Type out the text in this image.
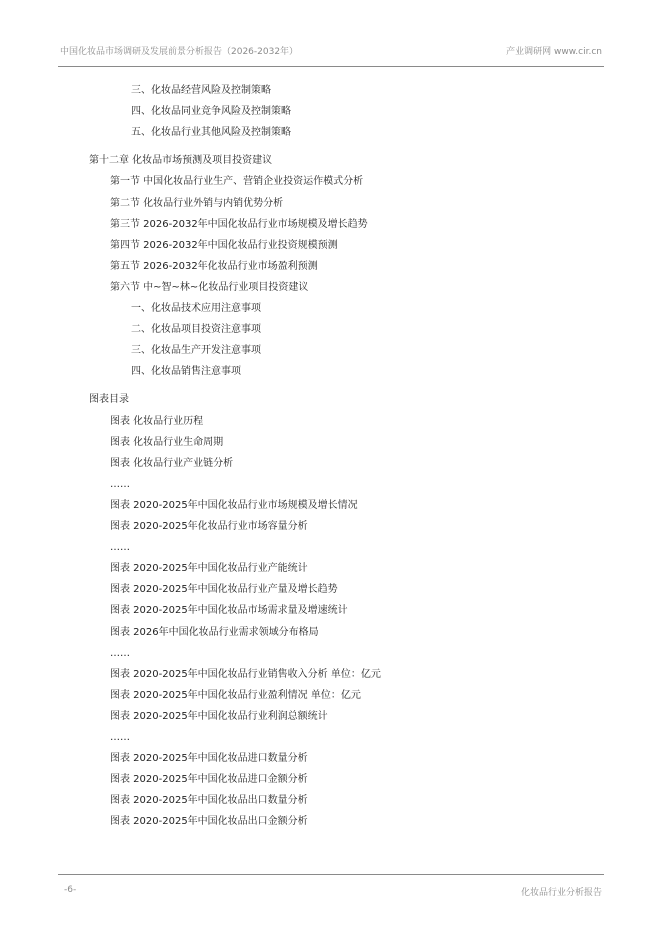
中国化妆品市场调研及发展前景分析报告（2026-2032年）	产业调研网 www.cir.cn
三、化妆品经营风险及控制策略
四、化妆品同业竞争风险及控制策略
五、化妆品行业其他风险及控制策略
第十二章 化妆品市场预测及项目投资建议
第一节 中国化妆品行业生产、营销企业投资运作模式分析
第二节 化妆品行业外销与内销优势分析
第三节 2026-2032年中国化妆品行业市场规模及增长趋势
第四节 2026-2032年中国化妆品行业投资规模预测
第五节 2026-2032年化妆品行业市场盈利预测
第六节 中~智~林~化妆品行业项目投资建议
一、化妆品技术应用注意事项
二、化妆品项目投资注意事项
三、化妆品生产开发注意事项
四、化妆品销售注意事项
图表目录
图表 化妆品行业历程
图表 化妆品行业生命周期
图表 化妆品行业产业链分析
……
图表 2020-2025年中国化妆品行业市场规模及增长情况
图表 2020-2025年化妆品行业市场容量分析
……
图表 2020-2025年中国化妆品行业产能统计
图表 2020-2025年中国化妆品行业产量及增长趋势
图表 2020-2025年中国化妆品市场需求量及增速统计
图表 2026年中国化妆品行业需求领域分布格局
……
图表 2020-2025年中国化妆品行业销售收入分析 单位：亿元
图表 2020-2025年中国化妆品行业盈利情况 单位：亿元
图表 2020-2025年中国化妆品行业利润总额统计
……
图表 2020-2025年中国化妆品进口数量分析
图表 2020-2025年中国化妆品进口金额分析
图表 2020-2025年中国化妆品出口数量分析
图表 2020-2025年中国化妆品出口金额分析
-6-	化妆品行业分析报告
